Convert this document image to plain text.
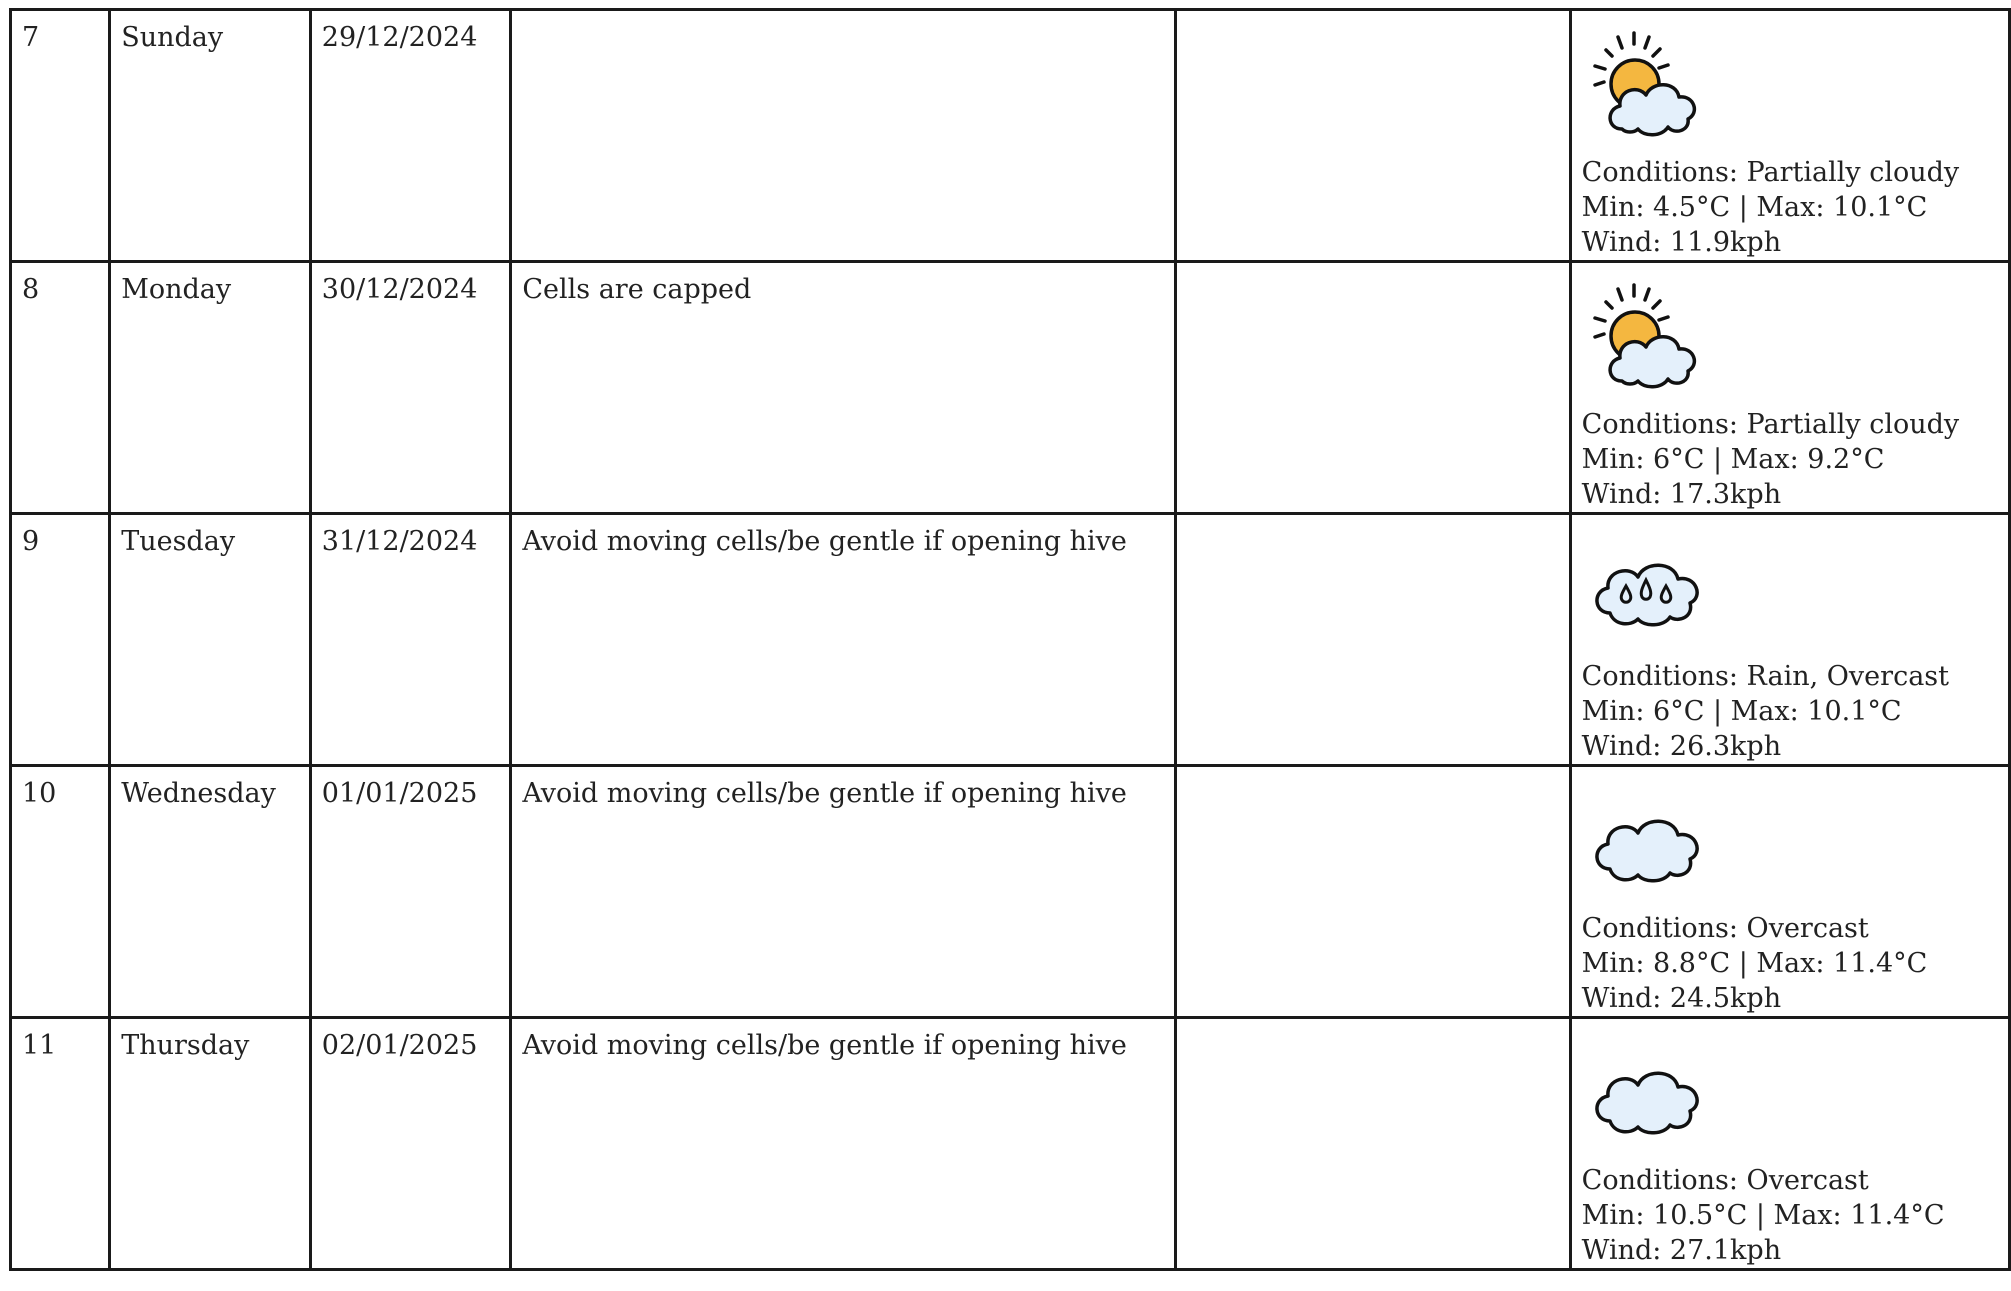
7	Sunday	29/12/2024			Conditions: Partially cloudy
Min: 4.5°C | Max: 10.1°C
Wind: 11.9kph

8	Monday	30/12/2024	Cells are capped		Conditions: Partially cloudy
Min: 6°C | Max: 9.2°C
Wind: 17.3kph

9	Tuesday	31/12/2024	Avoid moving cells/be gentle if opening hive		Conditions: Rain, Overcast
Min: 6°C | Max: 10.1°C
Wind: 26.3kph

10	Wednesday	01/01/2025	Avoid moving cells/be gentle if opening hive		Conditions: Overcast
Min: 8.8°C | Max: 11.4°C
Wind: 24.5kph

11	Thursday	02/01/2025	Avoid moving cells/be gentle if opening hive		Conditions: Overcast
Min: 10.5°C | Max: 11.4°C
Wind: 27.1kph
